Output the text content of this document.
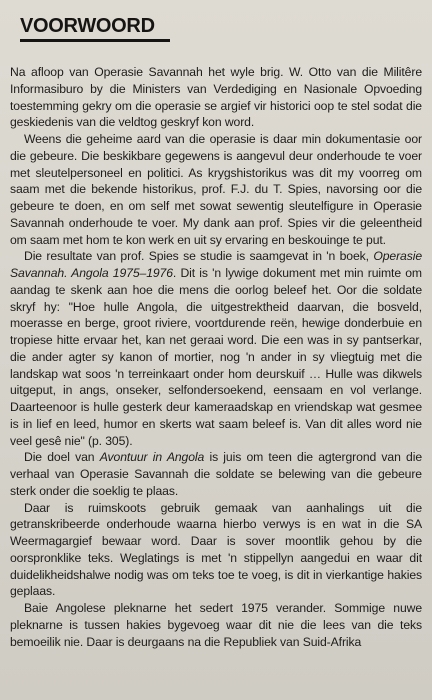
VOORWOORD

Na afloop van Operasie Savannah het wyle brig. W. Otto van die Militêre Informasiburo by die Ministers van Verdediging en Nasionale Opvoeding toestemming gekry om die operasie se argief vir historici oop te stel sodat die geskiedenis van die veldtog geskryf kon word.

Weens die geheime aard van die operasie is daar min dokumentasie oor die gebeure. Die beskikbare gegewens is aangevul deur onderhoude te voer met sleutelpersoneel en politici. As krygshistorikus was dit my voorreg om saam met die bekende historikus, prof. F.J. du T. Spies, navorsing oor die gebeure te doen, en om self met sowat sewentig sleutelfigure in Operasie Savannah onderhoude te voer. My dank aan prof. Spies vir die geleentheid om saam met hom te kon werk en uit sy ervaring en beskouinge te put.

Die resultate van prof. Spies se studie is saamgevat in 'n boek, Operasie Savannah. Angola 1975–1976. Dit is 'n lywige dokument met min ruimte om aandag te skenk aan hoe die mens die oorlog beleef het. Oor die soldate skryf hy: "Hoe hulle Angola, die uitgestrektheid daarvan, die bosveld, moerasse en berge, groot riviere, voortdurende reën, hewige donderbuie en tropiese hitte ervaar het, kan net geraai word. Die een was in sy pantserkar, die ander agter sy kanon of mortier, nog 'n ander in sy vliegtuig met die landskap wat soos 'n terreinkaart onder hom deurskuif … Hulle was dikwels uitgeput, in angs, onseker, selfondersoekend, eensaam en vol verlange. Daarteenoor is hulle gesterk deur kameraadskap en vriendskap wat gesmee is in lief en leed, humor en skerts wat saam beleef is. Van dit alles word nie veel gesê nie" (p. 305).

Die doel van Avontuur in Angola is juis om teen die agtergrond van die verhaal van Operasie Savannah die soldate se belewing van die gebeure sterk onder die soeklig te plaas.

Daar is ruimskoots gebruik gemaak van aanhalings uit die getranskribeerde onderhoude waarna hierbo verwys is en wat in die SA Weermagargief bewaar word. Daar is sover moontlik gehou by die oorspronklike teks. Weglatings is met 'n stippellyn aangedui en waar dit duidelikheidshalwe nodig was om teks toe te voeg, is dit in vierkantige hakies geplaas.

Baie Angolese pleknarne het sedert 1975 verander. Sommige nuwe pleknarne is tussen hakies bygevoeg waar dit nie die lees van die teks bemoeilik nie. Daar is deurgaans na die Republiek van Suid-Afrika
